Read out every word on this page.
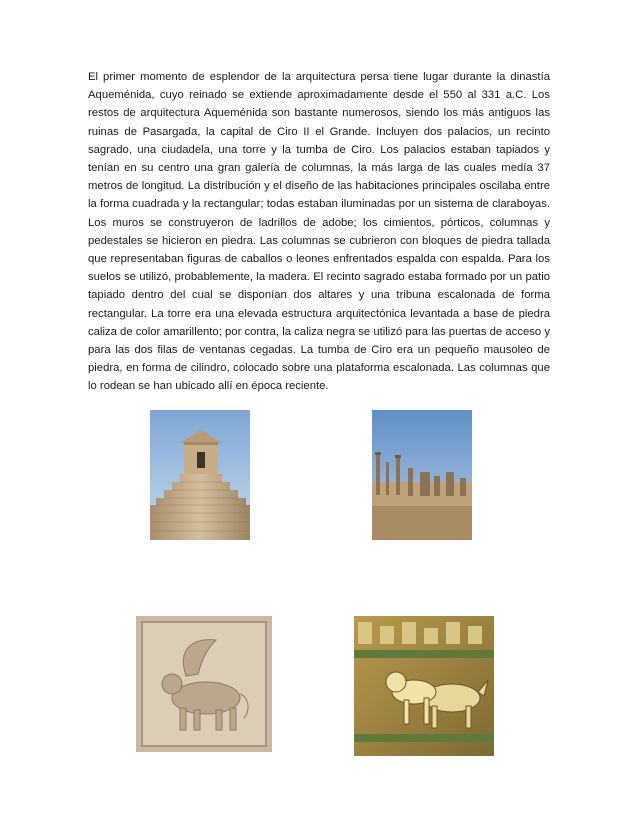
El primer momento de esplendor de la arquitectura persa tiene lugar durante la dinastía Aqueménida, cuyo reinado se extiende aproximadamente desde el 550 al 331 a.C. Los restos de arquitectura Aqueménida son bastante numerosos, siendo los más antiguos las ruinas de Pasargada, la capital de Ciro II el Grande. Incluyen dos palacios, un recinto sagrado, una ciudadela, una torre y la tumba de Ciro. Los palacios estaban tapiados y tenían en su centro una gran galería de columnas, la más larga de las cuales medía 37 metros de longitud. La distribución y el diseño de las habitaciones principales oscilaba entre la forma cuadrada y la rectangular; todas estaban iluminadas por un sistema de claraboyas. Los muros se construyeron de ladrillos de adobe; los cimientos, pórticos, columnas y pedestales se hicieron en piedra. Las columnas se cubrieron con bloques de piedra tallada que representaban figuras de caballos o leones enfrentados espalda con espalda. Para los suelos se utilizó, probablemente, la madera. El recinto sagrado estaba formado por un patio tapiado dentro del cual se disponían dos altares y una tribuna escalonada de forma rectangular. La torre era una elevada estructura arquitectónica levantada a base de piedra caliza de color amarillento; por contra, la caliza negra se utilizó para las puertas de acceso y para las dos filas de ventanas cegadas. La tumba de Ciro era un pequeño mausoleo de piedra, en forma de cilindro, colocado sobre una plataforma escalonada. Las columnas que lo rodean se han ubicado allí en época reciente.
